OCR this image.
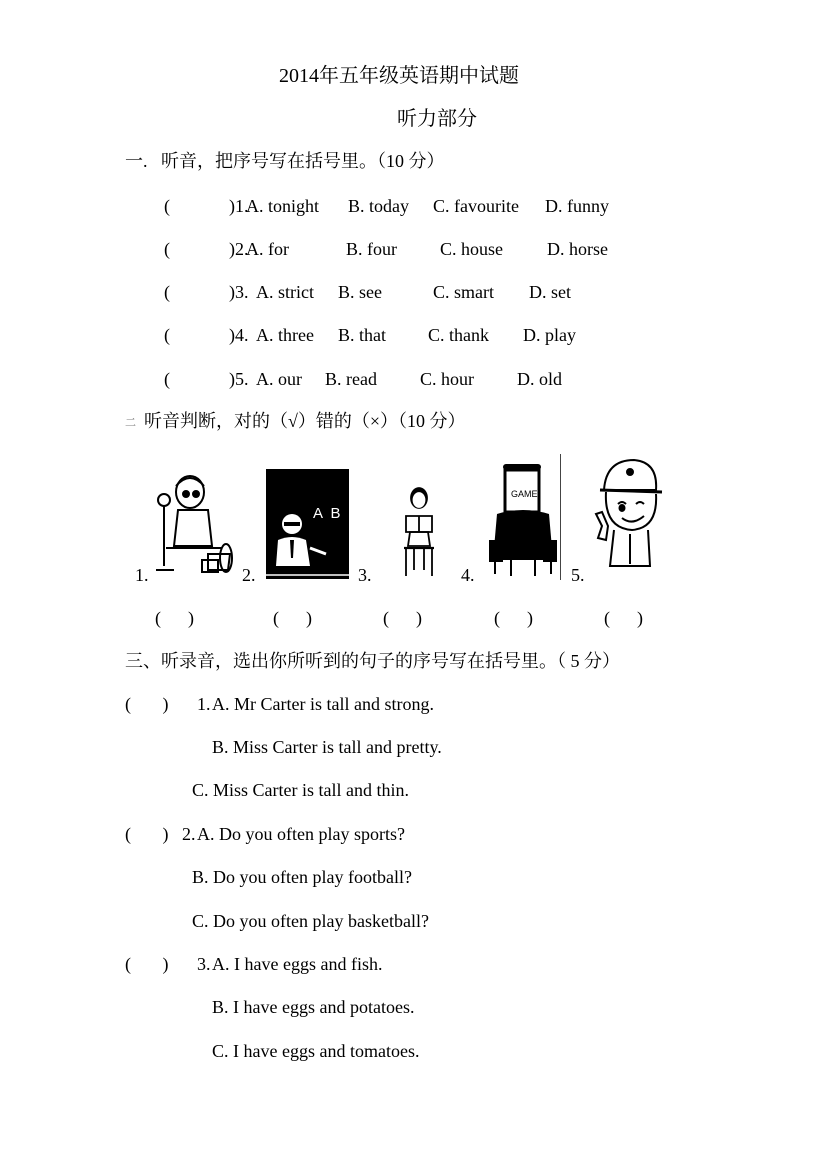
2014年五年级英语期中试题
听力部分
一.   听音，把序号写在括号里。（10 分）
(	)1.
A. tonight B. today C. favourite D. funny
(	)2.
A. for	B. four C. house D. horse
(	)3. A. strict B. see	C. smart D. set
(	)4. A. three B. that C. thank D. play
(	)5. A. our B. read C. hour D. old
二 听音判断，对的（√）错的（×）（10 分）
1.
(      )
A  B
2.
(      )
3.
(      )
GAME
4.
(      )
5.
(      )
三、听录音，选出你所听到的句子的序号写在括号里。（ 5 分）
(       ) 1. A. Mr Carter is tall and strong.
B. Miss Carter is tall and pretty.
C. Miss Carter is tall and thin.
(       ) 2. A. Do you often play sports?
B. Do you often play football?
C. Do you often play basketball?
(       ) 3. A. I have eggs and fish.
B. I have eggs and potatoes.
C. I have eggs and tomatoes.
